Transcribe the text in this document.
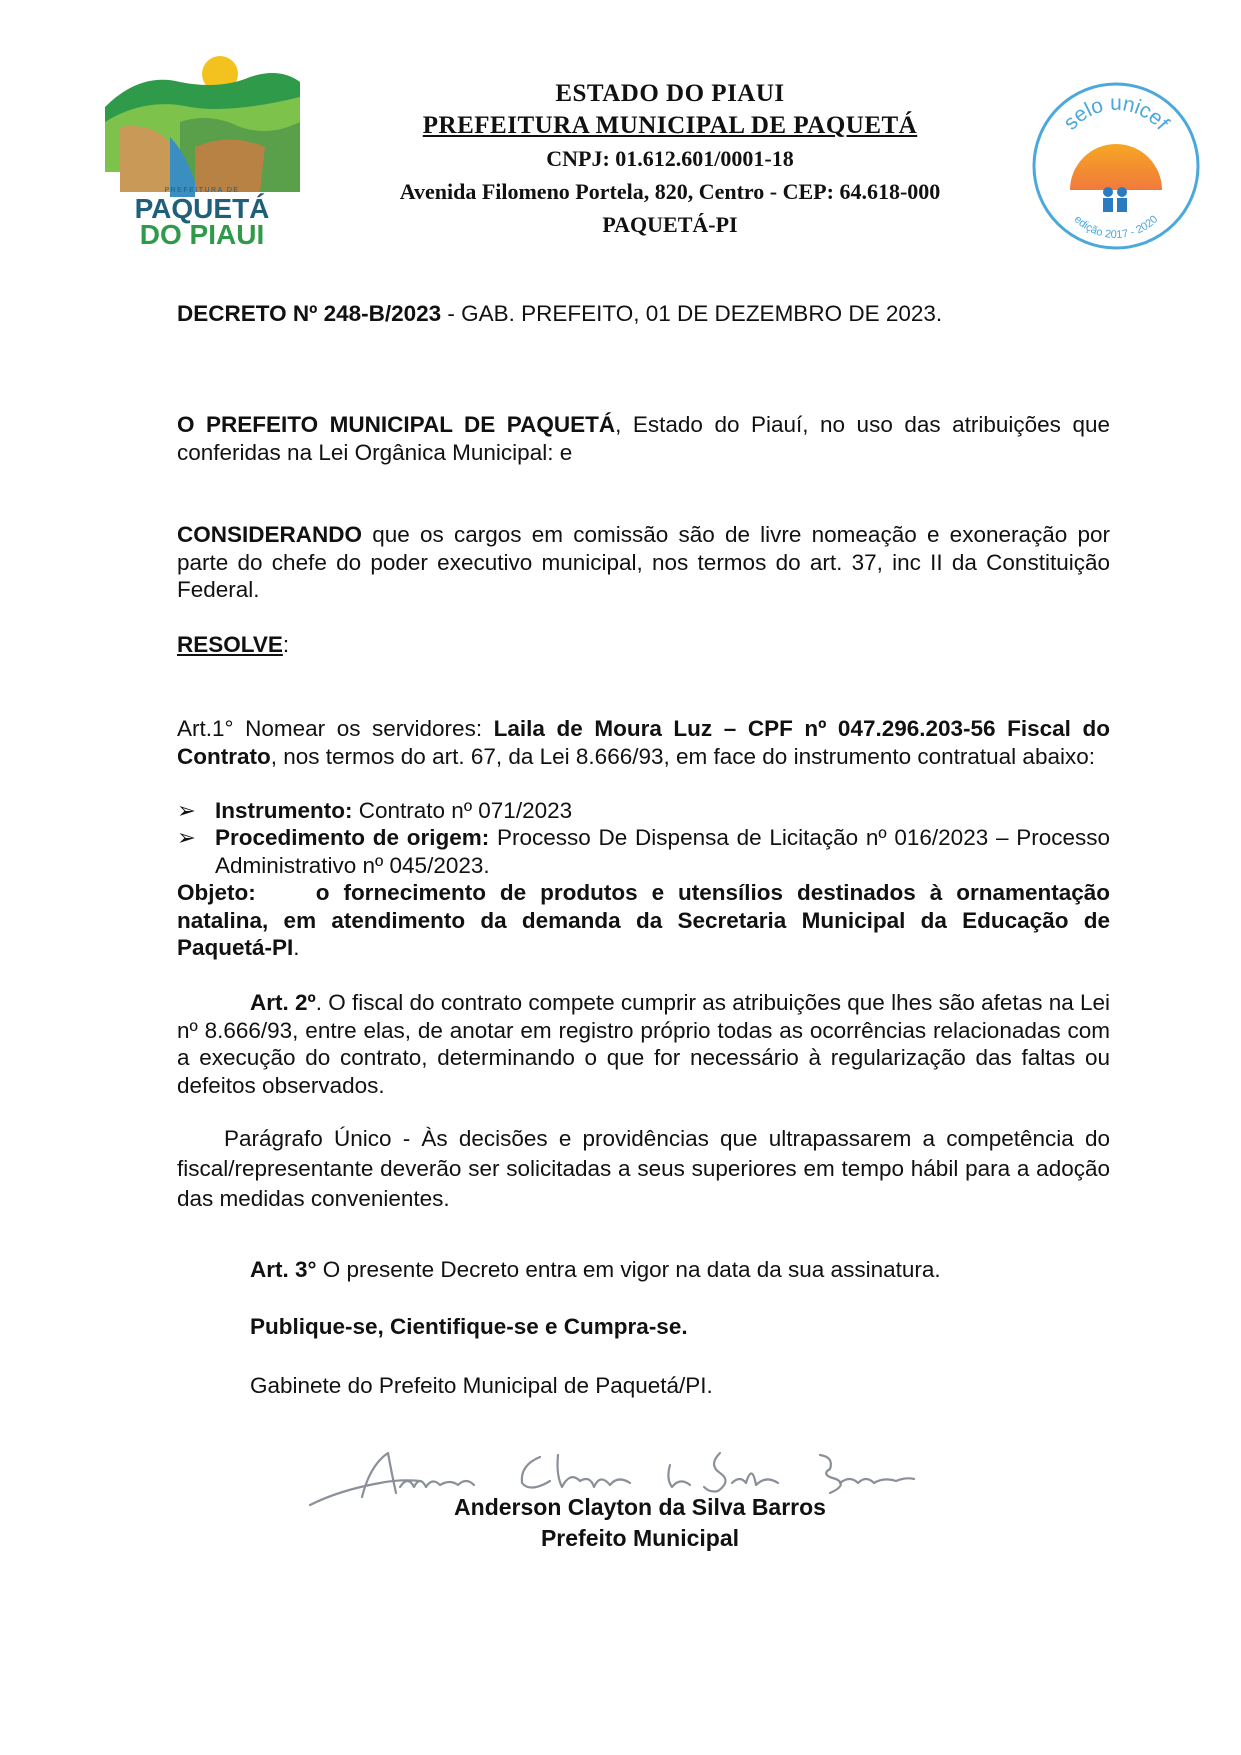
PREFEITURA DE
PAQUETÁ
DO PIAUI
ESTADO DO PIAUI
PREFEITURA MUNICIPAL DE PAQUETÁ
CNPJ: 01.612.601/0001-18
Avenida Filomeno Portela, 820, Centro - CEP: 64.618-000
PAQUETÁ-PI
selo unicef
edição 2017 - 2020
DECRETO Nº 248-B/2023 - GAB. PREFEITO, 01 DE DEZEMBRO DE 2023.
O PREFEITO MUNICIPAL DE PAQUETÁ, Estado do Piauí, no uso das atribuições que conferidas na Lei Orgânica Municipal: e
CONSIDERANDO que os cargos em comissão são de livre nomeação e exoneração por parte do chefe do poder executivo municipal, nos termos do art. 37, inc II da Constituição Federal.
RESOLVE:
Art.1° Nomear os servidores: Laila de Moura Luz – CPF nº 047.296.203-56 Fiscal do Contrato, nos termos do art. 67, da Lei 8.666/93, em face do instrumento contratual abaixo:
➢ Instrumento: Contrato nº 071/2023
➢ Procedimento de origem: Processo De Dispensa de Licitação nº 016/2023 – Processo Administrativo nº 045/2023.
Objeto:	o fornecimento de produtos e utensílios destinados à ornamentação natalina, em atendimento da demanda da Secretaria Municipal da Educação de Paquetá-PI.
Art. 2º. O fiscal do contrato compete cumprir as atribuições que lhes são afetas na Lei nº 8.666/93, entre elas, de anotar em registro próprio todas as ocorrências relacionadas com a execução do contrato, determinando o que for necessário à regularização das faltas ou defeitos observados.
Parágrafo Único - Às decisões e providências que ultrapassarem a competência do fiscal/representante deverão ser solicitadas a seus superiores em tempo hábil para a adoção das medidas convenientes.
Art. 3° O presente Decreto entra em vigor na data da sua assinatura.
Publique-se, Cientifique-se e Cumpra-se.
Gabinete do Prefeito Municipal de Paquetá/PI.
Anderson Clayton da Silva Barros
Prefeito Municipal
